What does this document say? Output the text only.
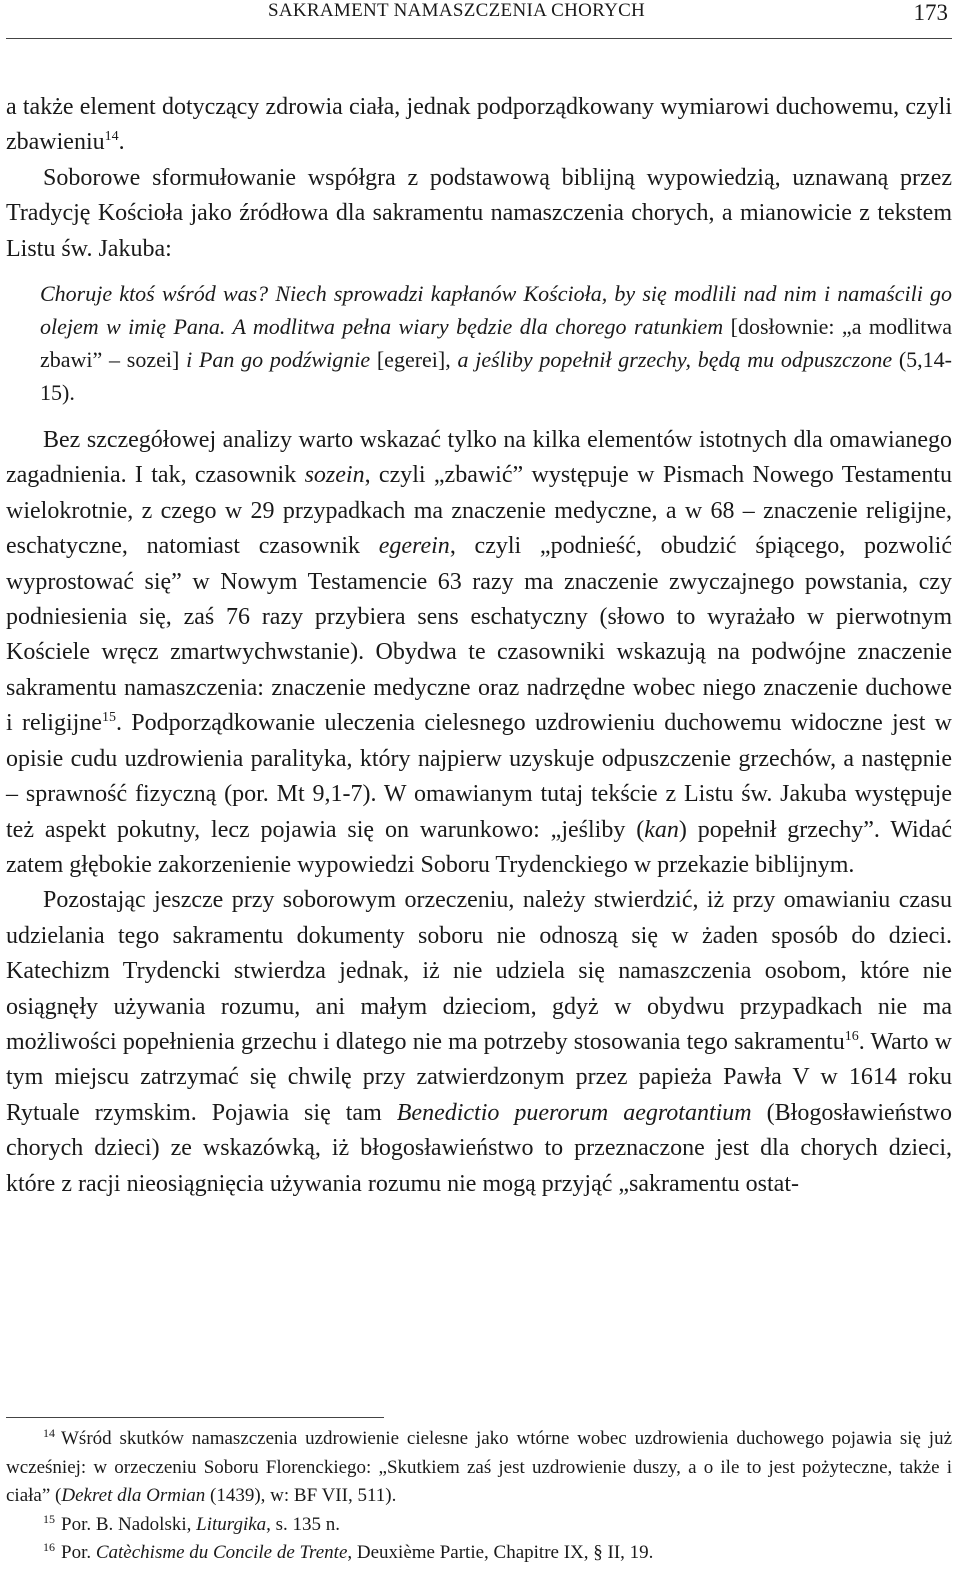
SAKRAMENT NAMASZCZENIA CHORYCH	173

a także element dotyczący zdrowia ciała, jednak podporządkowany wymiarowi duchowemu, czyli zbawieniu$^{14}$.

Soborowe sformułowanie współgra z podstawową biblijną wypowiedzią, uznawaną przez Tradycję Kościoła jako źródłowa dla sakramentu namaszczenia chorych, a mianowicie z tekstem Listu św. Jakuba:

Choruje ktoś wśród was? Niech sprowadzi kapłanów Kościoła, by się modlili nad nim i namaścili go olejem w imię Pana. A modlitwa pełna wiary będzie dla chorego ratunkiem [dosłownie: „a modlitwa zbawi” – sozei] i Pan go podźwignie [egerei], a jeśliby popełnił grzechy, będą mu odpuszczone (5,14-15).

Bez szczegółowej analizy warto wskazać tylko na kilka elementów istotnych dla omawianego zagadnienia. I tak, czasownik sozein, czyli „zbawić” występuje w Pismach Nowego Testamentu wielokrotnie, z czego w 29 przypadkach ma znaczenie medyczne, a w 68 – znaczenie religijne, eschatyczne, natomiast czasownik egerein, czyli „podnieść, obudzić śpiącego, pozwolić wyprostować się” w Nowym Testamencie 63 razy ma znaczenie zwyczajnego powstania, czy podniesienia się, zaś 76 razy przybiera sens eschatyczny (słowo to wyrażało w pierwotnym Kościele wręcz zmartwychwstanie). Obydwa te czasowniki wskazują na podwójne znaczenie sakramentu namaszczenia: znaczenie medyczne oraz nadrzędne wobec niego znaczenie duchowe i religijne$^{15}$. Podporządkowanie uleczenia cielesnego uzdrowieniu duchowemu widoczne jest w opisie cudu uzdrowienia paralityka, który najpierw uzyskuje odpuszczenie grzechów, a następnie – sprawność fizyczną (por. Mt 9,1-7). W omawianym tutaj tekście z Listu św. Jakuba występuje też aspekt pokutny, lecz pojawia się on warunkowo: „jeśliby (kan) popełnił grzechy”. Widać zatem głębokie zakorzenienie wypowiedzi Soboru Trydenckiego w przekazie biblijnym.

Pozostając jeszcze przy soborowym orzeczeniu, należy stwierdzić, iż przy omawianiu czasu udzielania tego sakramentu dokumenty soboru nie odnoszą się w żaden sposób do dzieci. Katechizm Trydencki stwierdza jednak, iż nie udziela się namaszczenia osobom, które nie osiągnęły używania rozumu, ani małym dzieciom, gdyż w obydwu przypadkach nie ma możliwości popełnienia grzechu i dlatego nie ma potrzeby stosowania tego sakramentu$^{16}$. Warto w tym miejscu zatrzymać się chwilę przy zatwierdzonym przez papieża Pawła V w 1614 roku Rytuale rzymskim. Pojawia się tam Benedictio puerorum aegrotantium (Błogosławieństwo chorych dzieci) ze wskazówką, iż błogosławieństwo to przeznaczone jest dla chorych dzieci, które z racji nieosiągnięcia używania rozumu nie mogą przyjąć „sakramentu ostat-

$^{14}$ Wśród skutków namaszczenia uzdrowienie cielesne jako wtórne wobec uzdrowienia duchowego pojawia się już wcześniej: w orzeczeniu Soboru Florenckiego: „Skutkiem zaś jest uzdrowienie duszy, a o ile to jest pożyteczne, także i ciała” (Dekret dla Ormian (1439), w: BF VII, 511).

$^{15}$ Por. B. Nadolski, Liturgika, s. 135 n.

$^{16}$ Por. Catèchisme du Concile de Trente, Deuxième Partie, Chapitre IX, § II, 19.
